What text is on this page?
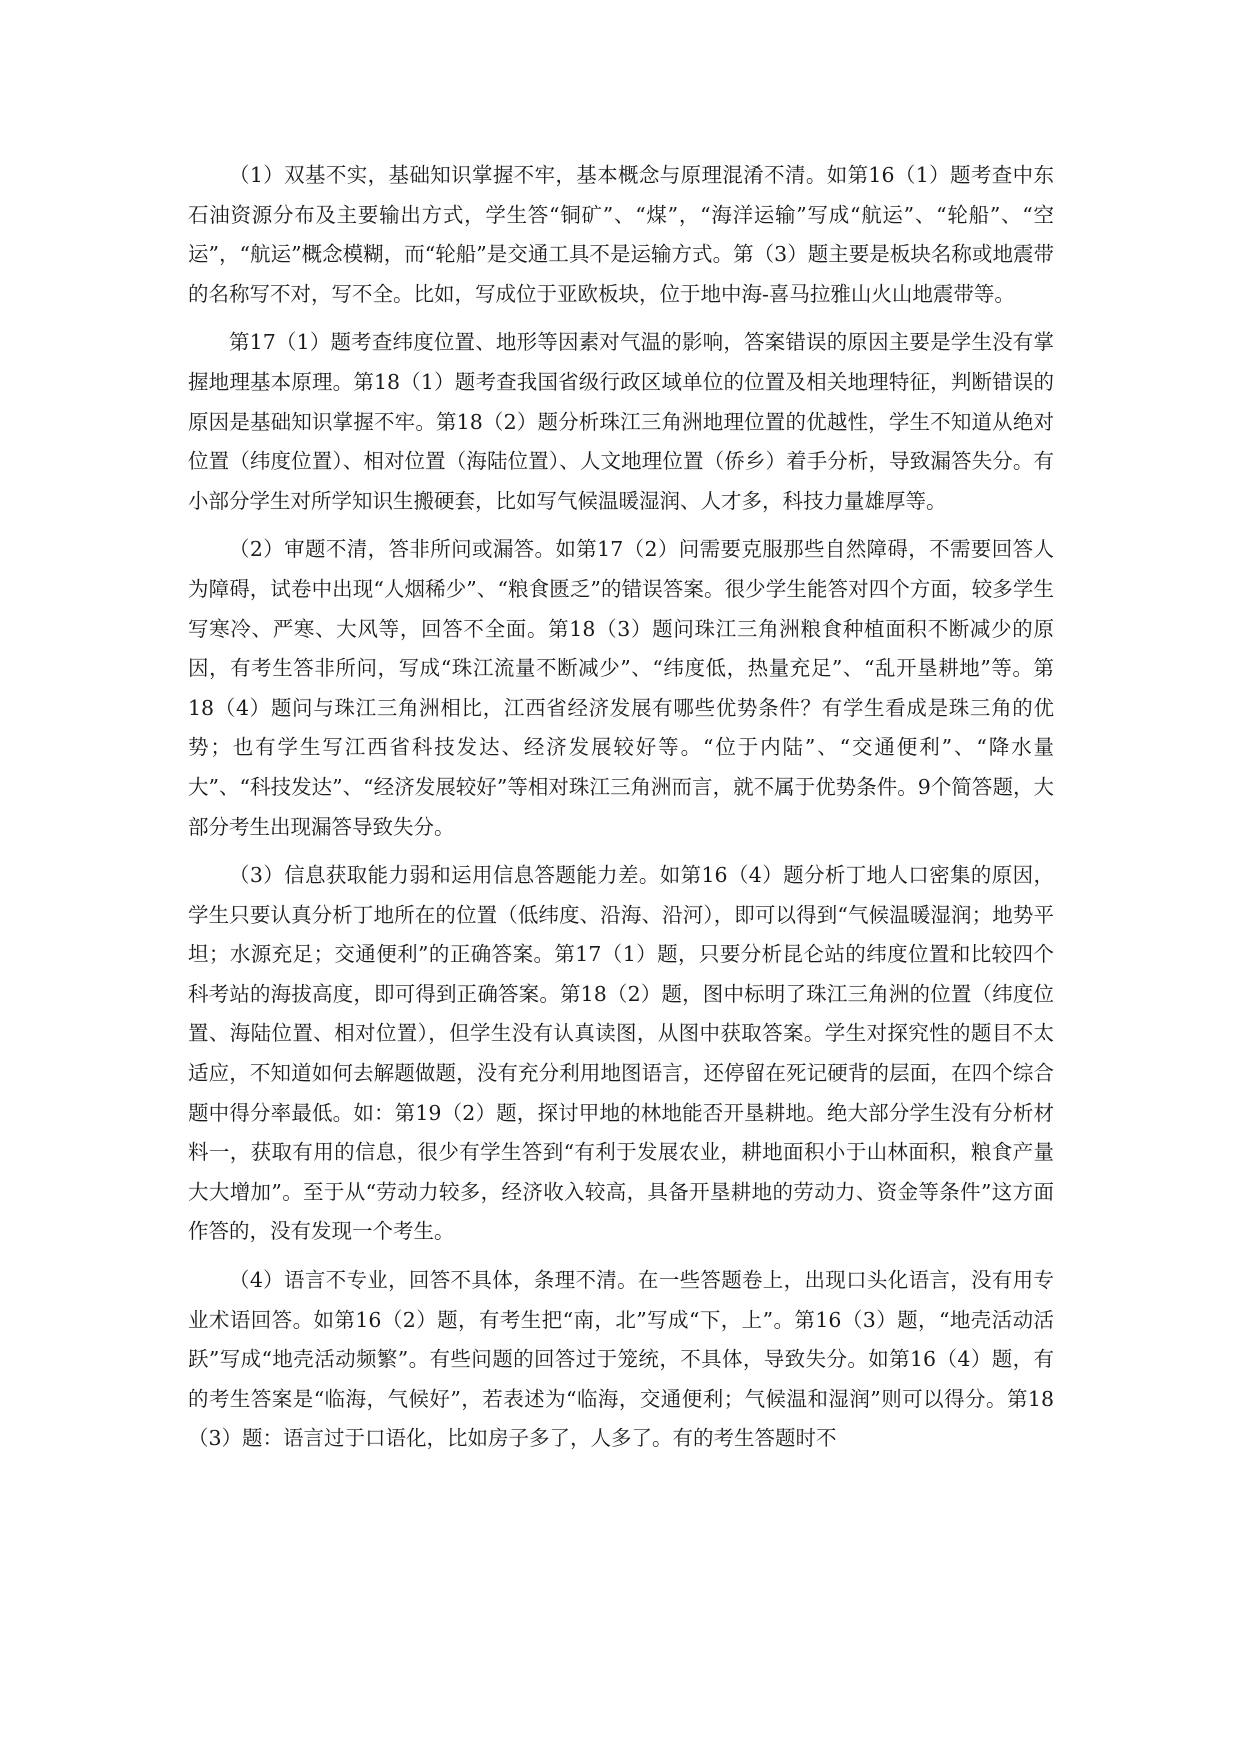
（1）双基不实，基础知识掌握不牢，基本概念与原理混淆不清。如第16（1）题考查中东石油资源分布及主要输出方式，学生答“铜矿”、“煤”，“海洋运输”写成“航运”、“轮船”、“空运”，“航运”概念模糊，而“轮船”是交通工具不是运输方式。第（3）题主要是板块名称或地震带的名称写不对，写不全。比如，写成位于亚欧板块，位于地中海-喜马拉雅山火山地震带等。

第17（1）题考查纬度位置、地形等因素对气温的影响，答案错误的原因主要是学生没有掌握地理基本原理。第18（1）题考查我国省级行政区域单位的位置及相关地理特征，判断错误的原因是基础知识掌握不牢。第18（2）题分析珠江三角洲地理位置的优越性，学生不知道从绝对位置（纬度位置）、相对位置（海陆位置）、人文地理位置（侨乡）着手分析，导致漏答失分。有小部分学生对所学知识生搬硬套，比如写气候温暖湿润、人才多，科技力量雄厚等。

（2）审题不清，答非所问或漏答。如第17（2）问需要克服那些自然障碍，不需要回答人为障碍，试卷中出现“人烟稀少”、“粮食匮乏”的错误答案。很少学生能答对四个方面，较多学生写寒冷、严寒、大风等，回答不全面。第18（3）题问珠江三角洲粮食种植面积不断减少的原因，有考生答非所问，写成“珠江流量不断减少”、“纬度低，热量充足”、“乱开垦耕地”等。第18（4）题问与珠江三角洲相比，江西省经济发展有哪些优势条件？有学生看成是珠三角的优势；也有学生写江西省科技发达、经济发展较好等。“位于内陆”、“交通便利”、“降水量大”、“科技发达”、“经济发展较好”等相对珠江三角洲而言，就不属于优势条件。9个简答题，大部分考生出现漏答导致失分。

（3）信息获取能力弱和运用信息答题能力差。如第16（4）题分析丁地人口密集的原因，学生只要认真分析丁地所在的位置（低纬度、沿海、沿河），即可以得到“气候温暖湿润；地势平坦；水源充足；交通便利”的正确答案。第17（1）题，只要分析昆仑站的纬度位置和比较四个科考站的海拔高度，即可得到正确答案。第18（2）题，图中标明了珠江三角洲的位置（纬度位置、海陆位置、相对位置），但学生没有认真读图，从图中获取答案。学生对探究性的题目不太适应，不知道如何去解题做题，没有充分利用地图语言，还停留在死记硬背的层面，在四个综合题中得分率最低。如：第19（2）题，探讨甲地的林地能否开垦耕地。绝大部分学生没有分析材料一，获取有用的信息，很少有学生答到“有利于发展农业，耕地面积小于山林面积，粮食产量大大增加”。至于从“劳动力较多，经济收入较高，具备开垦耕地的劳动力、资金等条件”这方面作答的，没有发现一个考生。

（4）语言不专业，回答不具体，条理不清。在一些答题卷上，出现口头化语言，没有用专业术语回答。如第16（2）题，有考生把“南，北”写成“下，上”。第16（3）题，“地壳活动活跃”写成“地壳活动频繁”。有些问题的回答过于笼统，不具体，导致失分。如第16（4）题，有的考生答案是“临海，气候好”，若表述为“临海，交通便利；气候温和湿润”则可以得分。第18（3）题：语言过于口语化，比如房子多了，人多了。有的考生答题时不
